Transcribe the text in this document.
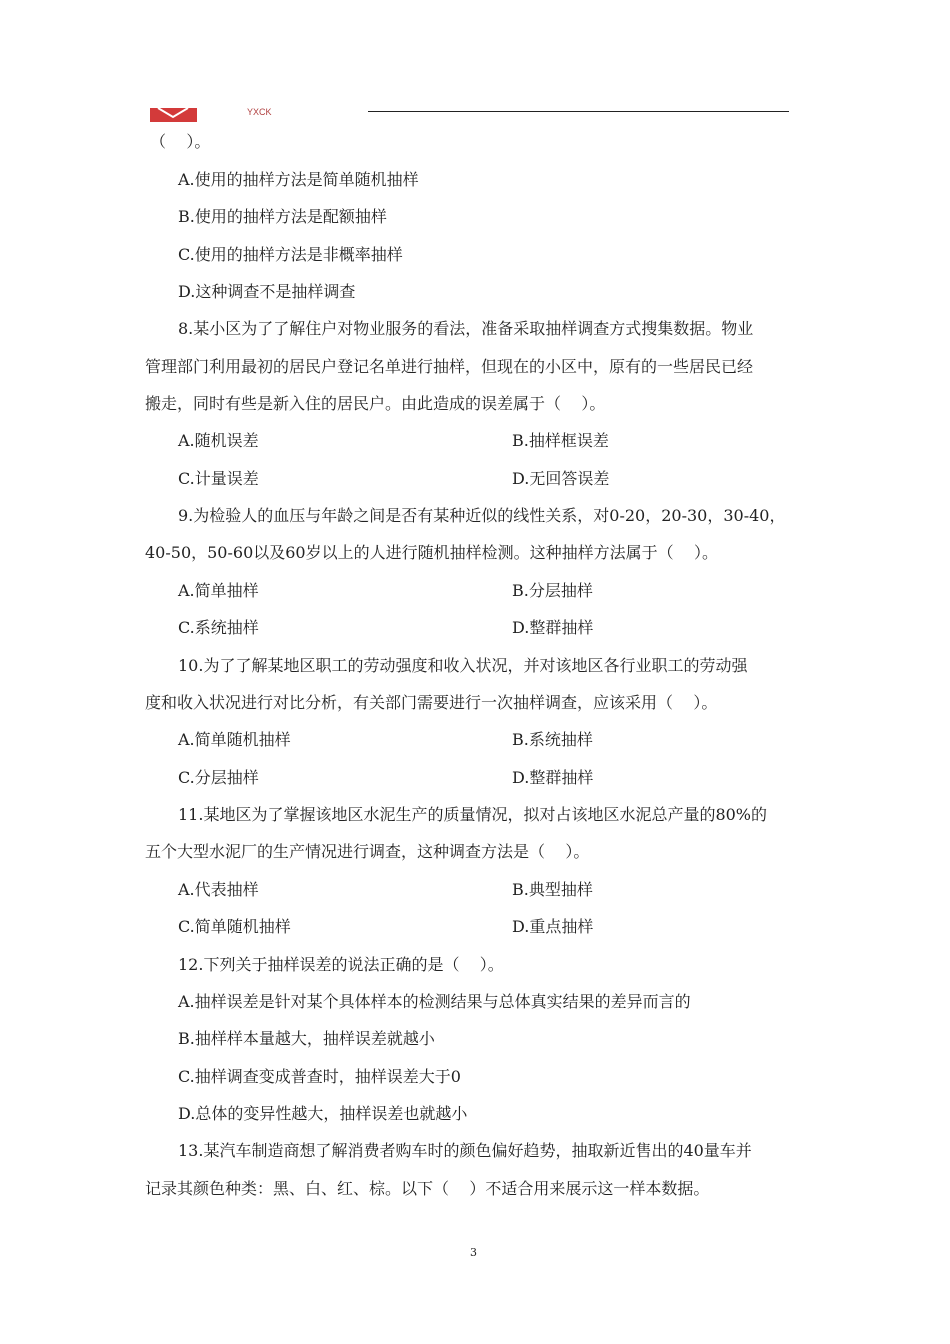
YXCK
（    ）。
A.使用的抽样方法是简单随机抽样
B.使用的抽样方法是配额抽样
C.使用的抽样方法是非概率抽样
D.这种调查不是抽样调查
8.某小区为了了解住户对物业服务的看法，准备采取抽样调查方式搜集数据。物业
管理部门利用最初的居民户登记名单进行抽样，但现在的小区中，原有的一些居民已经
搬走，同时有些是新入住的居民户。由此造成的误差属于（    ）。
A.随机误差	B.抽样框误差
C.计量误差	D.无回答误差
9.为检验人的血压与年龄之间是否有某种近似的线性关系，对0-20，20-30，30-40，
40-50，50-60以及60岁以上的人进行随机抽样检测。这种抽样方法属于（    ）。
A.简单抽样	B.分层抽样
C.系统抽样	D.整群抽样
10.为了了解某地区职工的劳动强度和收入状况，并对该地区各行业职工的劳动强
度和收入状况进行对比分析，有关部门需要进行一次抽样调查，应该采用（    ）。
A.简单随机抽样	B.系统抽样
C.分层抽样	D.整群抽样
11.某地区为了掌握该地区水泥生产的质量情况，拟对占该地区水泥总产量的80%的
五个大型水泥厂的生产情况进行调查，这种调查方法是（    ）。
A.代表抽样	B.典型抽样
C.简单随机抽样	D.重点抽样
12.下列关于抽样误差的说法正确的是（    ）。
A.抽样误差是针对某个具体样本的检测结果与总体真实结果的差异而言的
B.抽样样本量越大，抽样误差就越小
C.抽样调查变成普查时，抽样误差大于0
D.总体的变异性越大，抽样误差也就越小
13.某汽车制造商想了解消费者购车时的颜色偏好趋势，抽取新近售出的40量车并
记录其颜色种类：黑、白、红、棕。以下（    ）不适合用来展示这一样本数据。
3
